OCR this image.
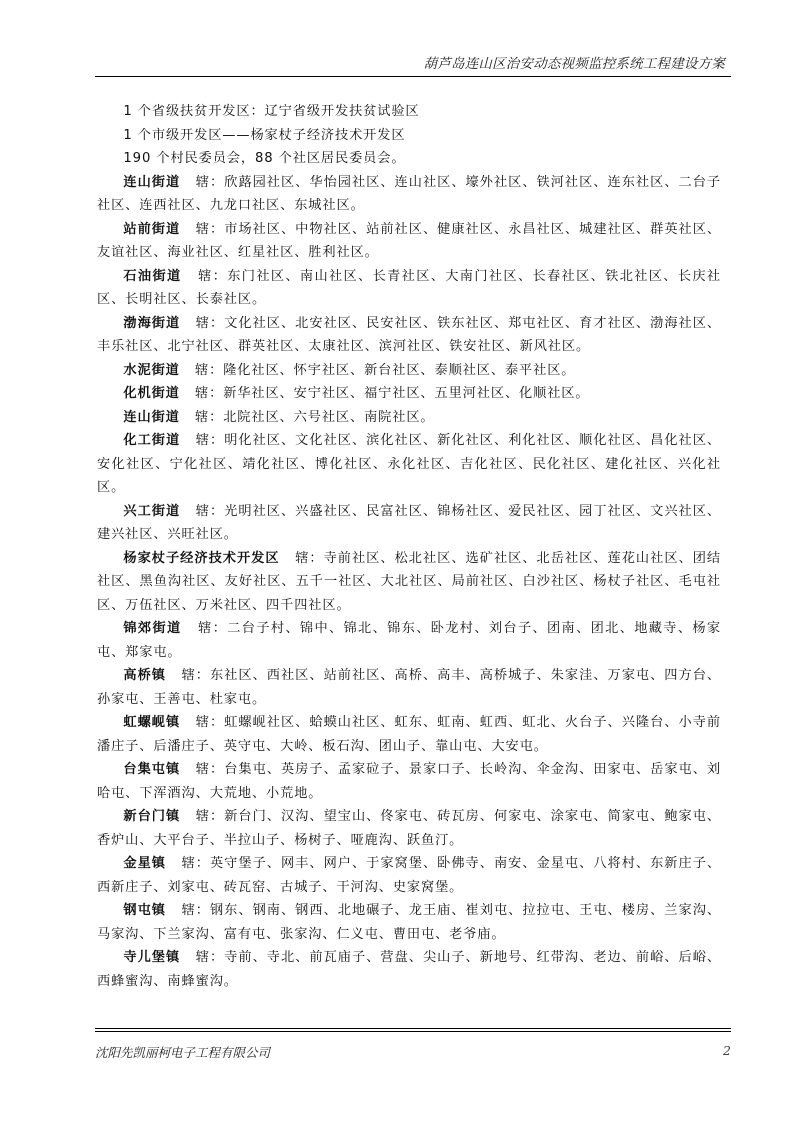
葫芦岛连山区治安动态视频监控系统工程建设方案

1 个省级扶贫开发区：辽宁省级开发扶贫试验区

1 个市级开发区——杨家杖子经济技术开发区

190 个村民委员会，88 个社区居民委员会。

连山街道 辖：欣蕗园社区、华怡园社区、连山社区、壕外社区、铁河社区、连东社区、二台子社区、连西社区、九龙口社区、东城社区。

站前街道 辖：市场社区、中物社区、站前社区、健康社区、永昌社区、城建社区、群英社区、友谊社区、海业社区、红星社区、胜利社区。

石油街道 辖：东门社区、南山社区、长青社区、大南门社区、长春社区、铁北社区、长庆社区、长明社区、长泰社区。

渤海街道 辖：文化社区、北安社区、民安社区、铁东社区、郑屯社区、育才社区、渤海社区、丰乐社区、北宁社区、群英社区、太康社区、滨河社区、铁安社区、新风社区。

水泥街道 辖：隆化社区、怀宇社区、新台社区、泰顺社区、泰平社区。

化机街道 辖：新华社区、安宁社区、福宁社区、五里河社区、化顺社区。

连山街道 辖：北院社区、六号社区、南院社区。

化工街道 辖：明化社区、文化社区、滨化社区、新化社区、利化社区、顺化社区、昌化社区、安化社区、宁化社区、靖化社区、博化社区、永化社区、吉化社区、民化社区、建化社区、兴化社区。

兴工街道 辖：光明社区、兴盛社区、民富社区、锦杨社区、爱民社区、园丁社区、文兴社区、建兴社区、兴旺社区。

杨家杖子经济技术开发区 辖：寺前社区、松北社区、选矿社区、北岳社区、莲花山社区、团结社区、黑鱼沟社区、友好社区、五千一社区、大北社区、局前社区、白沙社区、杨杖子社区、毛屯社区、万伍社区、万米社区、四千四社区。

锦郊街道 辖：二台子村、锦中、锦北、锦东、卧龙村、刘台子、团南、团北、地藏寺、杨家屯、郑家屯。

高桥镇 辖：东社区、西社区、站前社区、高桥、高丰、高桥城子、朱家洼、万家屯、四方台、孙家屯、王善屯、杜家屯。

虹螺岘镇 辖：虹螺岘社区、蛤蟆山社区、虹东、虹南、虹西、虹北、火台子、兴隆台、小寺前潘庄子、后潘庄子、英守屯、大岭、板石沟、团山子、靠山屯、大安屯。

台集屯镇 辖：台集屯、英房子、孟家砬子、景家口子、长岭沟、伞金沟、田家屯、岳家屯、刘哈屯、下浑酒沟、大荒地、小荒地。

新台门镇 辖：新台门、汉沟、望宝山、佟家屯、砖瓦房、何家屯、涂家屯、简家屯、鲍家屯、香炉山、大平台子、半拉山子、杨树子、哑鹿沟、跃鱼汀。

金星镇 辖：英守堡子、网丰、网户、于家窝堡、卧佛寺、南安、金星屯、八将村、东新庄子、西新庄子、刘家屯、砖瓦窑、古城子、干河沟、史家窝堡。

钢屯镇 辖：钢东、钢南、钢西、北地碾子、龙王庙、崔刘屯、拉拉屯、王屯、楼房、兰家沟、马家沟、下兰家沟、富有屯、张家沟、仁义屯、曹田屯、老爷庙。

寺儿堡镇 辖：寺前、寺北、前瓦庙子、营盘、尖山子、新地号、红带沟、老边、前峪、后峪、西蜂蜜沟、南蜂蜜沟。

沈阳先凯丽柯电子工程有限公司	2
